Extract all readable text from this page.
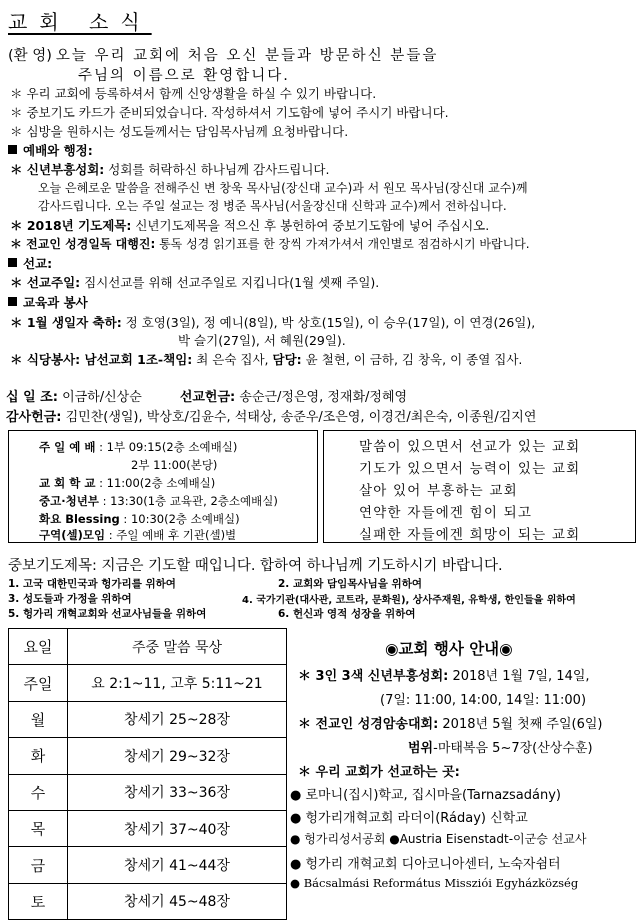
교회 소식
(환 영) 오늘 우리 교회에 처음 오신 분들과 방문하신 분들을
주님의 이름으로 환영합니다.
＊ 우리 교회에 등록하셔서 함께 신앙생활을 하실 수 있기 바랍니다.
＊ 중보기도 카드가 준비되었습니다. 작성하셔서 기도함에 넣어 주시기 바랍니다.
＊ 심방을 원하시는 성도들께서는 담임목사님께 요청바랍니다.
예배와 행정:
＊ 신년부흥성회: 성회를 허락하신 하나님께 감사드립니다.
오늘 은혜로운 말씀을 전해주신 변 창욱 목사님(장신대 교수)과 서 원모 목사님(장신대 교수)께
감사드립니다. 오는 주일 설교는 정 병준 목사님(서울장신대 신학과 교수)께서 전하십니다.
＊ 2018년 기도제목: 신년기도제목을 적으신 후 봉헌하여 중보기도함에 넣어 주십시오.
＊ 전교인 성경일독 대행진: 통독 성경 읽기표를 한 장씩 가져가셔서 개인별로 점검하시기 바랍니다.
선교:
＊ 선교주일: 짐시선교를 위해 선교주일로 지킵니다(1월 셋째 주일).
교육과 봉사
＊ 1월 생일자 축하: 정 호영(3일), 정 예니(8일), 박 상호(15일), 이 승우(17일), 이 연경(26일),
박 슬기(27일), 서 혜원(29일).
＊ 식당봉사: 남선교회 1조-책임: 최 은숙 집사, 담당: 윤 철현, 이 금하, 김 창욱, 이 종열 집사.
십 일 조: 이금하/신상순	선교헌금: 송순근/정은영, 정재화/정혜영
감사헌금: 김민찬(생일), 박상호/김윤수, 석태상, 송준우/조은영, 이경건/최은숙, 이종원/김지연
주 일 예 배 : 1부 09:15(2층 소예배실)
2부 11:00(본당)
교 회 학 교 : 11:00(2층 소예배실)
중고·청년부 : 13:30(1층 교육관, 2층소예배실)
화요 Blessing : 10:30(2층 소예배실)
구역(셀)모임 : 주일 예배 후 기관(셀)별
말씀이 있으면서 선교가 있는 교회
기도가 있으면서 능력이 있는 교회
살아 있어 부흥하는 교회
연약한 자들에겐 힘이 되고
실패한 자들에겐 희망이 되는 교회
중보기도제목: 지금은 기도할 때입니다. 합하여 하나님께 기도하시기 바랍니다.
1. 고국 대한민국과 헝가리를 위하여	2. 교회와 담임목사님을 위하여
3. 성도들과 가정을 위하여	4. 국가기관(대사관, 코트라, 문화원), 상사주재원, 유학생, 한인들을 위하여
5. 헝가리 개혁교회와 선교사님들을 위하여	6. 헌신과 영적 성장을 위하여
요일	주중 말씀 묵상
주일	요 2:1~11, 고후 5:11~21
월	창세기 25~28장
화	창세기 29~32장
수	창세기 33~36장
목	창세기 37~40장
금	창세기 41~44장
토	창세기 45~48장
◉교회 행사 안내◉
＊ 3인 3색 신년부흥성회: 2018년 1월 7일, 14일,
(7일: 11:00, 14:00, 14일: 11:00)
＊ 전교인 성경암송대회: 2018년 5월 첫째 주일(6일)
범위-마태복음 5~7장(산상수훈)
＊ 우리 교회가 선교하는 곳:
● 로마니(집시)학교, 집시마을(Tarnazsadány)
● 헝가리개혁교회 라더이(Ráday) 신학교
● 헝가리성서공회 ●Austria Eisenstadt-이군승 선교사
● 헝가리 개혁교회 디아코니아센터, 노숙자쉼터
● Bácsalmási Református Missziói Egyházközség
